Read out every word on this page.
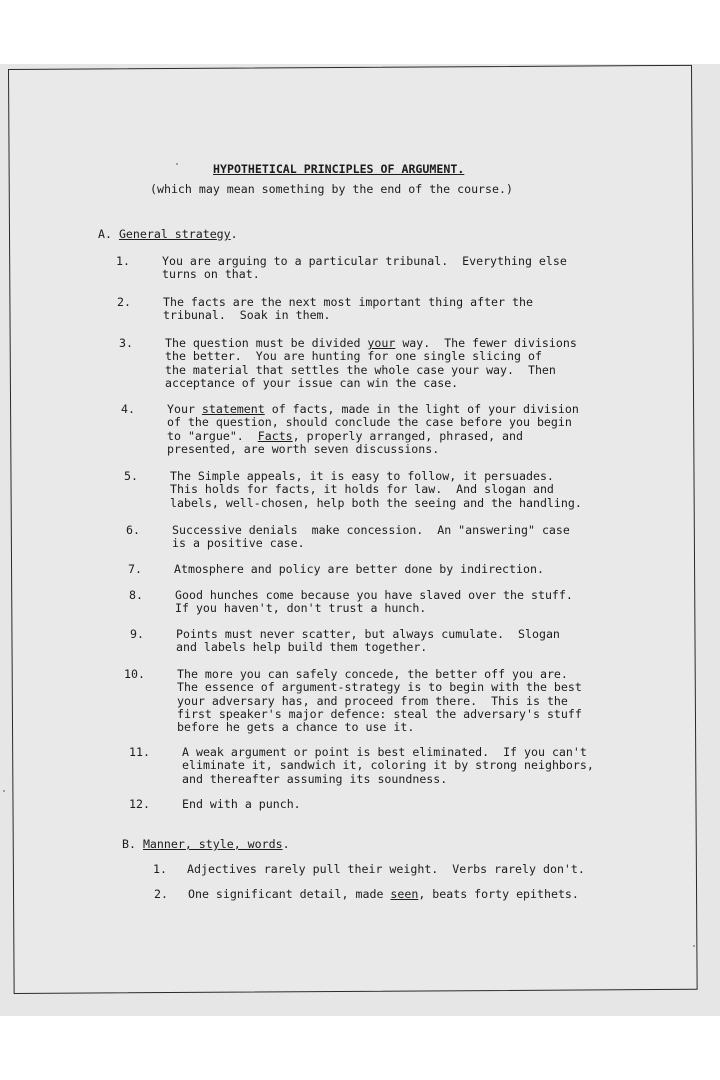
HYPOTHETICAL PRINCIPLES OF ARGUMENT.
(which may mean something by the end of the course.)
A. General strategy.
1.	You are arguing to a particular tribunal.  Everything else
turns on that.
2.	The facts are the next most important thing after the
tribunal.  Soak in them.
3.	The question must be divided your way.  The fewer divisions
the better.  You are hunting for one single slicing of
the material that settles the whole case your way.  Then
acceptance of your issue can win the case.
4.	Your statement of facts, made in the light of your division
of the question, should conclude the case before you begin
to "argue".  Facts, properly arranged, phrased, and
presented, are worth seven discussions.
5.	The Simple appeals, it is easy to follow, it persuades.
This holds for facts, it holds for law.  And slogan and
labels, well-chosen, help both the seeing and the handling.
6.	Successive denials  make concession.  An "answering" case
is a positive case.
7.	Atmosphere and policy are better done by indirection.
8.	Good hunches come because you have slaved over the stuff.
If you haven't, don't trust a hunch.
9.	Points must never scatter, but always cumulate.  Slogan
and labels help build them together.
10.	The more you can safely concede, the better off you are.
The essence of argument-strategy is to begin with the best
your adversary has, and proceed from there.  This is the
first speaker's major defence: steal the adversary's stuff
before he gets a chance to use it.
11.	A weak argument or point is best eliminated.  If you can't
eliminate it, sandwich it, coloring it by strong neighbors,
and thereafter assuming its soundness.
12.	End with a punch.
B. Manner, style, words.
1. Adjectives rarely pull their weight.  Verbs rarely don't.
2. One significant detail, made seen, beats forty epithets.
